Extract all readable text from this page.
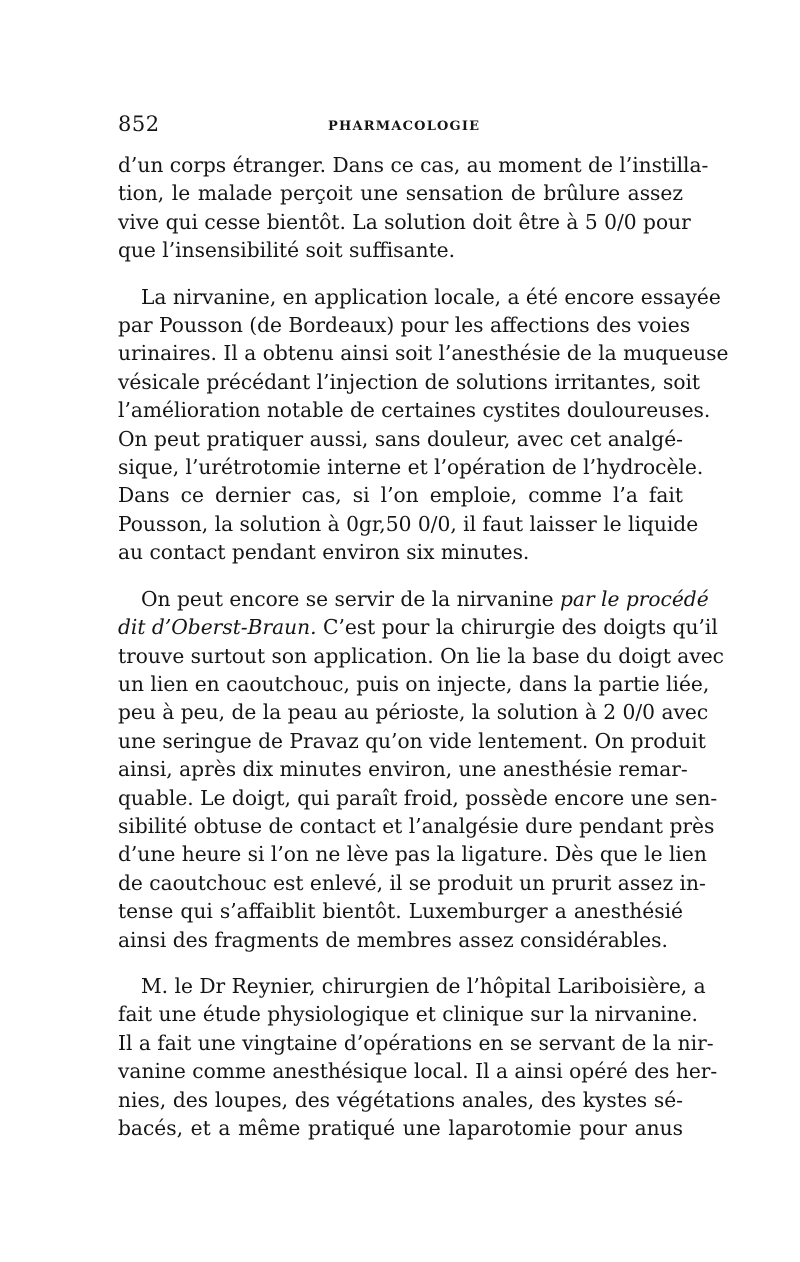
852	PHARMACOLOGIE

d’un corps étranger. Dans ce cas, au moment de l’instilla-
tion, le malade perçoit une sensation de brûlure assez
vive qui cesse bientôt. La solution doit être à 5 0/0 pour
que l’insensibilité soit suffisante.

La nirvanine, en application locale, a été encore essayée
par Pousson (de Bordeaux) pour les affections des voies
urinaires. Il a obtenu ainsi soit l’anesthésie de la muqueuse
vésicale précédant l’injection de solutions irritantes, soit
l’amélioration notable de certaines cystites douloureuses.
On peut pratiquer aussi, sans douleur, avec cet analgé-
sique, l’urétrotomie interne et l’opération de l’hydrocèle.
Dans ce dernier cas, si l’on emploie, comme l’a fait
Pousson, la solution à 0gr,50 0/0, il faut laisser le liquide
au contact pendant environ six minutes.

On peut encore se servir de la nirvanine par le procédé
dit d’Oberst-Braun. C’est pour la chirurgie des doigts qu’il
trouve surtout son application. On lie la base du doigt avec
un lien en caoutchouc, puis on injecte, dans la partie liée,
peu à peu, de la peau au périoste, la solution à 2 0/0 avec
une seringue de Pravaz qu’on vide lentement. On produit
ainsi, après dix minutes environ, une anesthésie remar-
quable. Le doigt, qui paraît froid, possède encore une sen-
sibilité obtuse de contact et l’analgésie dure pendant près
d’une heure si l’on ne lève pas la ligature. Dès que le lien
de caoutchouc est enlevé, il se produit un prurit assez in-
tense qui s’affaiblit bientôt. Luxemburger a anesthésié
ainsi des fragments de membres assez considérables.

M. le Dr Reynier, chirurgien de l’hôpital Lariboisière, a
fait une étude physiologique et clinique sur la nirvanine.
Il a fait une vingtaine d’opérations en se servant de la nir-
vanine comme anesthésique local. Il a ainsi opéré des her-
nies, des loupes, des végétations anales, des kystes sé-
bacés, et a même pratiqué une laparotomie pour anus
